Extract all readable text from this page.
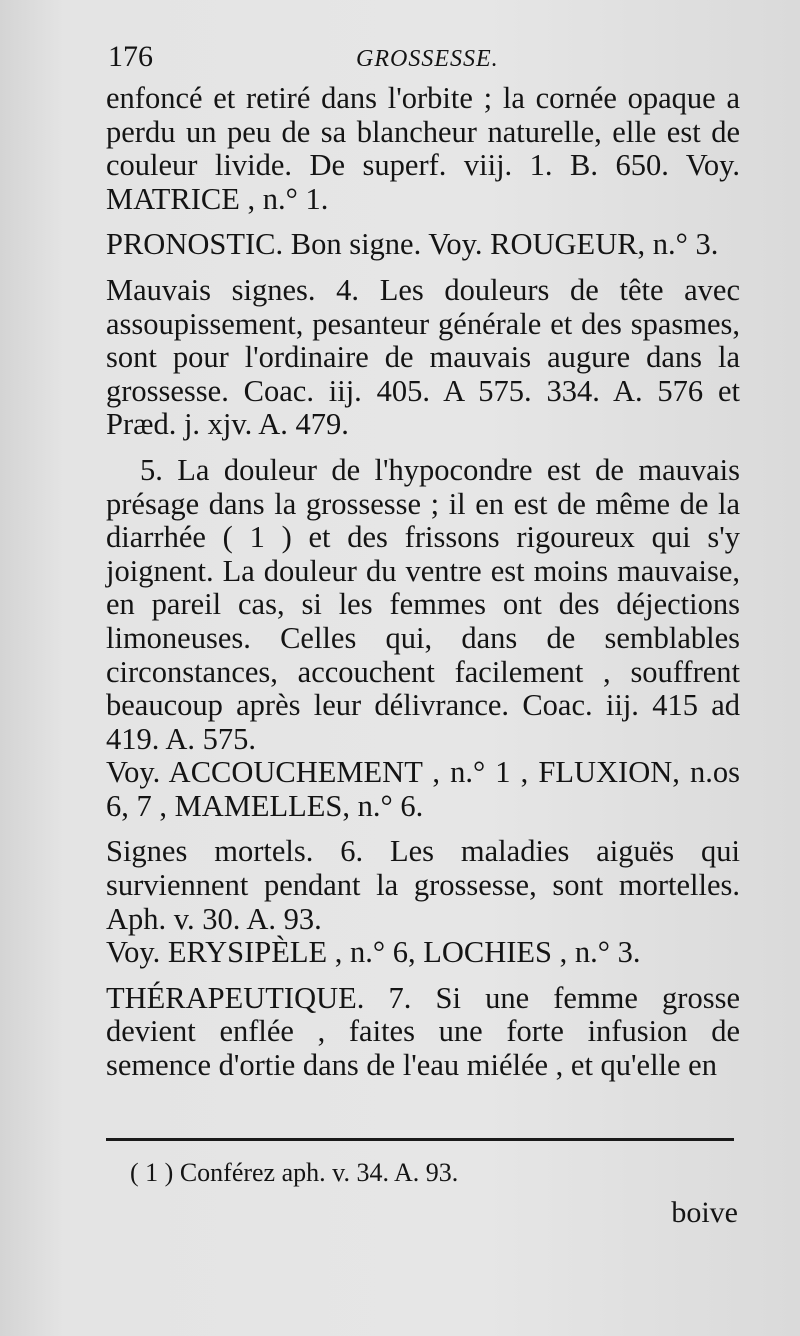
176	GROSSESSE.

enfoncé et retiré dans l'orbite ; la cornée opaque a perdu un peu de sa blancheur naturelle, elle est de couleur livide. De superf. viij. 1. B. 650. Voy. MATRICE , n.° 1.

PRONOSTIC. Bon signe. Voy. ROUGEUR, n.° 3.

Mauvais signes. 4. Les douleurs de tête avec assoupissement, pesanteur générale et des spasmes, sont pour l'ordinaire de mauvais augure dans la grossesse. Coac. iij. 405. A 575. 334. A. 576 et Præd. j. xjv. A. 479.

5. La douleur de l'hypocondre est de mauvais présage dans la grossesse ; il en est de même de la diarrhée ( 1 ) et des frissons rigoureux qui s'y joignent. La douleur du ventre est moins mauvaise, en pareil cas, si les femmes ont des déjections limoneuses. Celles qui, dans de semblables circonstances, accouchent facilement , souffrent beaucoup après leur délivrance. Coac. iij. 415 ad 419. A. 575.

Voy. ACCOUCHEMENT , n.° 1 , FLUXION, n.os 6, 7 , MAMELLES, n.° 6.

Signes mortels. 6. Les maladies aiguës qui surviennent pendant la grossesse, sont mortelles. Aph. v. 30. A. 93.

Voy. ERYSIPÈLE , n.° 6, LOCHIES , n.° 3.

THÉRAPEUTIQUE. 7. Si une femme grosse devient enflée , faites une forte infusion de semence d'ortie dans de l'eau miélée , et qu'elle en

( 1 ) Conférez aph. v. 34. A. 93.
boive
